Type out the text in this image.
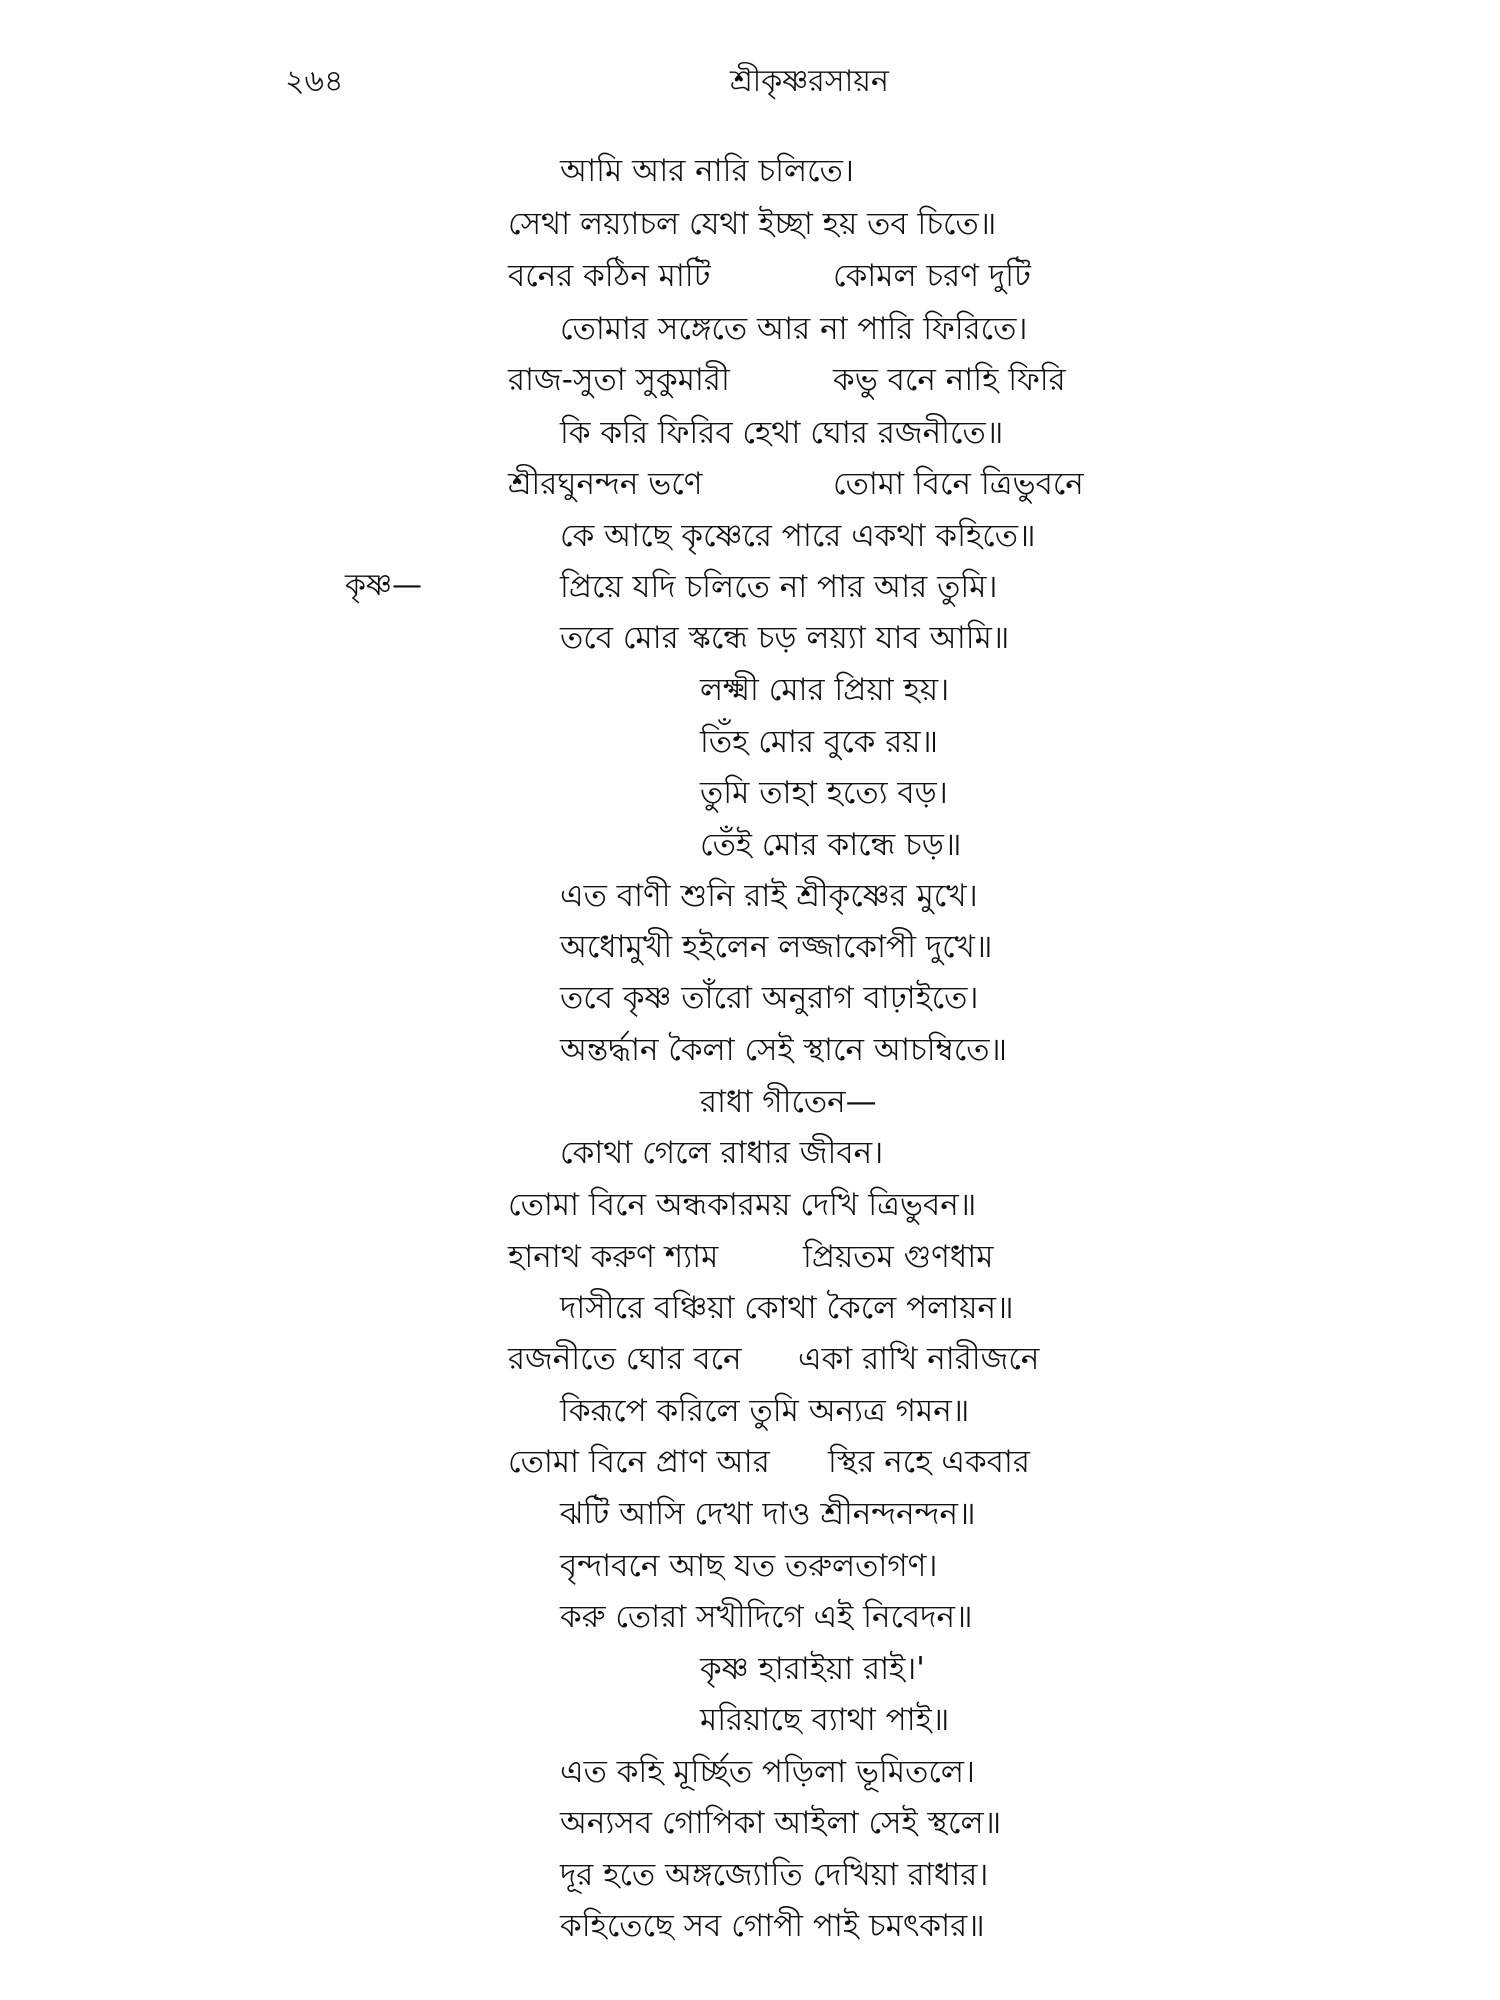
২৬৪	শ্রীকৃষ্ণরসায়ন
কৃষ্ণ—
আমি আর নারি চলিতে।
সেথা লয়্যাচল যেথা ইচ্ছা হয় তব চিতে॥
বনের কঠিন মাটি	কোমল চরণ দুটি
তোমার সঙ্গেতে আর না পারি ফিরিতে।
রাজ-সুতা সুকুমারী	কভু বনে নাহি ফিরি
কি করি ফিরিব হেথা ঘোর রজনীতে॥
শ্রীরঘুনন্দন ভণে	তোমা বিনে ত্রিভুবনে
কে আছে কৃষ্ণেরে পারে একথা কহিতে॥
প্রিয়ে যদি চলিতে না পার আর তুমি।
তবে মোর স্কন্ধে চড় লয়্যা যাব আমি॥
লক্ষ্মী মোর প্রিয়া হয়।
তিঁহ মোর বুকে রয়॥
তুমি তাহা হত্যে বড়।
তেঁই মোর কান্ধে চড়॥
এত বাণী শুনি রাই শ্রীকৃষ্ণের মুখে।
অধোমুখী হইলেন লজ্জাকোপী দুখে॥
তবে কৃষ্ণ তাঁরো অনুরাগ বাঢ়াইতে।
অন্তর্দ্ধান কৈলা সেই স্থানে আচম্বিতে॥
রাধা গীতেন—
কোথা গেলে রাধার জীবন।
তোমা বিনে অন্ধকারময় দেখি ত্রিভুবন॥
হানাথ করুণ শ্যাম	প্রিয়তম গুণধাম
দাসীরে বঞ্চিয়া কোথা কৈলে পলায়ন॥
রজনীতে ঘোর বনে একা রাখি নারীজনে
কিরূপে করিলে তুমি অন্যত্র গমন॥
তোমা বিনে প্রাণ আর স্থির নহে একবার
ঝটি আসি দেখা দাও শ্রীনন্দনন্দন॥
বৃন্দাবনে আছ যত তরুলতাগণ।
করু তোরা সখীদিগে এই নিবেদন॥
কৃষ্ণ হারাইয়া রাই।'
মরিয়াছে ব্যাথা পাই॥
এত কহি মূৰ্চ্ছিত পড়িলা ভূমিতলে।
অন্যসব গোপিকা আইলা সেই স্থলে॥
দূর হতে অঙ্গজ্যোতি দেখিয়া রাধার।
কহিতেছে সব গোপী পাই চমৎকার॥
